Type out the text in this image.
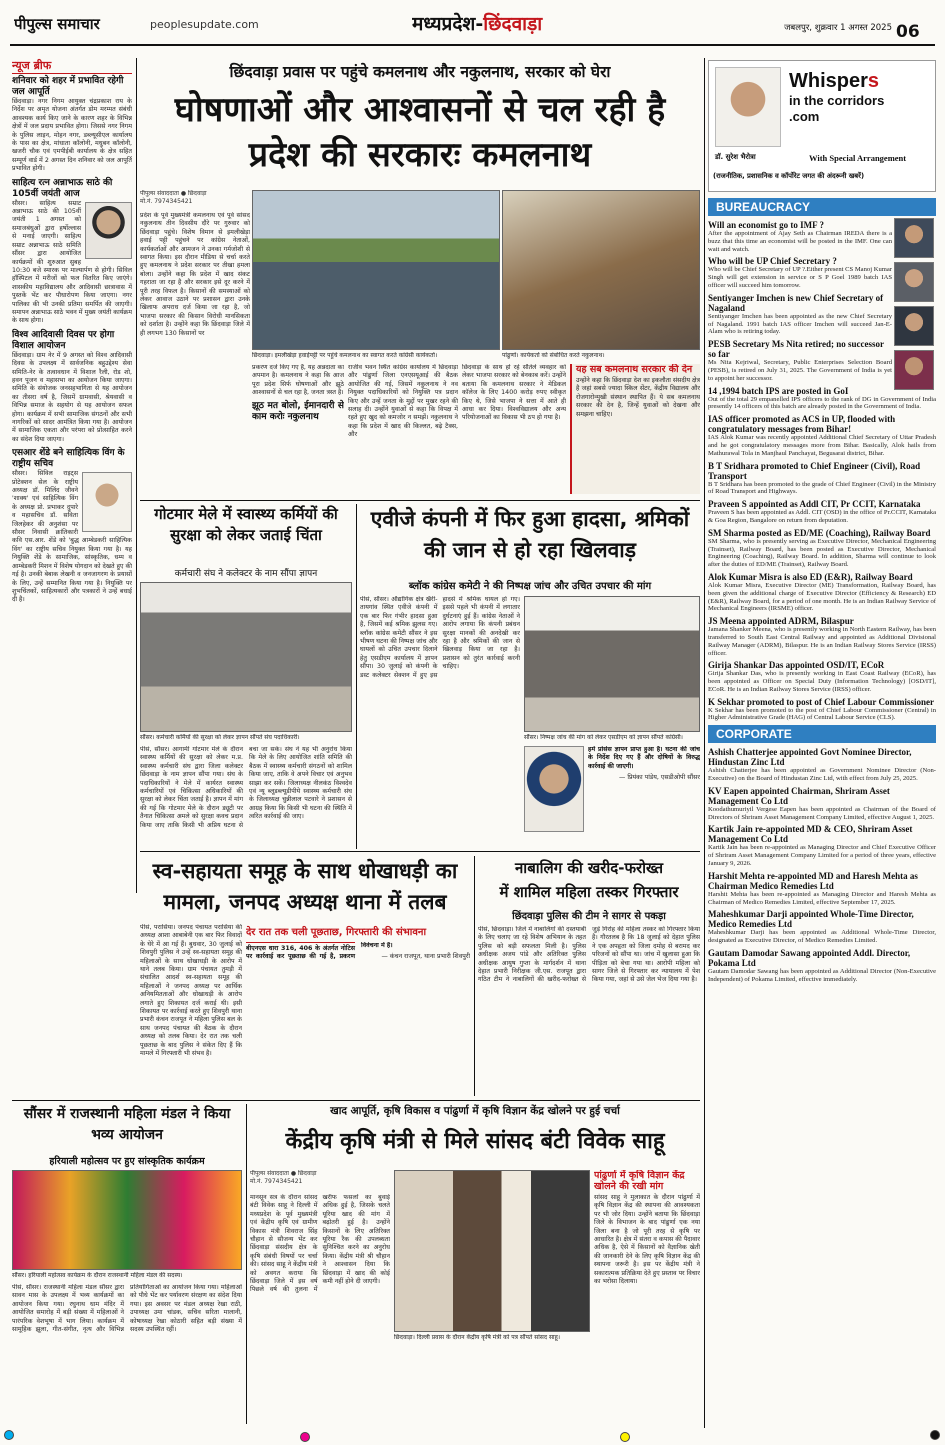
पीपुल्स समाचार	peoplesupdate.com	मध्यप्रदेश-छिंदवाड़ा	जबलपुर, शुक्रवार 1 अगस्त 2025 06
न्यूज ब्रीफ
शनिवार को शहर में प्रभावित रहेगी जल आपूर्ति
छिंदवाड़ा। नगर निगम आयुक्त चंद्रप्रकाश राय के निर्देश पर अमृत योजना अंतर्गत डोम मरम्मत संबंधी आवश्यक कार्य किए जाने के कारण शहर के विभिन्न क्षेत्रों में जल प्रदाय प्रभावित होगा। जिससे नगर निगम के पुलिस लाइन, मोहन नगर, डब्ल्यूसीएल कार्यालय के पास का क्षेत्र, मांधाता कॉलोनी, मधुबन कॉलोनी, खजरी चौक एवं एमपीईबी कार्यालय के क्षेत्र सहित सम्पूर्ण वार्ड में 2 अगस्त दिन शनिवार को जल आपूर्ति प्रभावित होगी।
साहित्य रत्न अन्नाभाऊ साठे की 105वीं जयंती आज
सौसर। साहित्य सम्राट अन्नाभाऊ साठे की 105वीं जयंती 1 अगस्त को समाजबंधुओं द्वारा हर्षोल्लास से मनाई जाएगी। साहित्य सम्राट अन्नाभाऊ साठे समिति सौंसर द्वारा आयोजित कार्यक्रमों की शुरुआत सुबह 10:30 बजे स्मारक पर माल्यार्पण से होगी। सिविल हॉस्पिटल में मरीजों को फल वितरित किए जाएंगे। शासकीय महाविद्यालय और आदिवासी छात्रावास में पुस्तकें भेंट कर पौधारोपण किया जाएगा। नगर पालिका की भी उनकी प्रतिमा समर्पित की जाएगी। समापन अन्नाभाऊ साठे भवन में मुख्य जयंती कार्यक्रम के साथ होगा।
विश्व आदिवासी दिवस पर होगा विशाल आयोजन
छिंदवाड़ा। ग्राम नेर में 9 अगस्त को विश्व आदिवासी दिवस के उपलक्ष्य में सार्वजनिक बहुउद्देश्य सेवा समिति-नेर के तत्वावधान में विशाल रैली, रोड शो, हवन पूजन व महासभा का आयोजन किया जाएगा। समिति के संयोजक जनसहभागिता से यह आयोजन का तीसरा वर्ष है, जिसमें ग्रामवासी, श्रेयवासी व विभिन्न समाज के सहयोग से यह आयोजन सफल होगा। कार्यक्रम में सभी सामाजिक संगठनों और सभी नागरिकों को सादर आमंत्रित किया गया है। आयोजन में सामाजिक एकता और परंपरा को प्रोत्साहित करने का संदेश दिया जाएगा।
एसआर शेंडे बने साहित्यिक विंग के राष्ट्रीय सचिव
सौसर। सिविल राइट्स प्रोटेक्शन सेल के राष्ट्रीय अध्यक्ष डॉ. मिलिंद जीवने 'शाक्य' एवं साहित्यिक विंग के अध्यक्ष प्रो. प्रभाकर दुपारे व महासचिव डॉ. सविता जिलहेकर की अनुशंसा पर सौसर निवासी क्रांतिकारी कवि एस.आर. शेंडे को 'बुद्ध आम्बेडकरी साहित्यिक विंग' का राष्ट्रीय सचिव नियुक्त किया गया है। यह नियुक्ति शेंडे के सामाजिक, सांस्कृतिक, धम्म व आम्बेडकरी मिशन में विशेष योगदान को देखते हुए की गई है। उनकी बेबाक लेखनी व जनजागरण के प्रयासों के लिए, उन्हें सम्मानित किया गया है। नियुक्ति पर शुभचिंतकों, साहित्यकारों और पत्रकारों ने उन्हें बधाई दी है।
छिंदवाड़ा प्रवास पर पहुंचे कमलनाथ और नकुलनाथ, सरकार को घेरा
घोषणाओं और आश्वासनों से चल रही है प्रदेश की सरकारः कमलनाथ
पीपुल्स संवाददाता ● छिंदवाड़ा
मो.नं. 7974345421

प्रदेश के पूर्व मुख्यमंत्री कमलनाथ एवं पूर्व सांसद नकुलनाथ तीन दिवसीय दौरे पर गुरुवार को छिंदवाड़ा पहुंचे। विशेष विमान से इमलीखेड़ा हवाई पट्टी पहुंचने पर कांग्रेस नेताओं, कार्यकर्ताओं और आमजन ने उनका गर्मजोशी से स्वागत किया। इस दौरान मीडिया से चर्चा करते हुए कमलनाथ ने प्रदेश सरकार पर तीखा हमला बोला। उन्होंने कहा कि प्रदेश में खाद संकट गहराता जा रहा है और सरकार इसे दूर करने में पूरी तरह विफल है। किसानों की समस्याओं को लेकर आवाज उठाने पर प्रशासन द्वारा उनके खिलाफ अपराध दर्ज किया जा रहा है, जो भाजपा सरकार की किसान विरोधी मानसिकता को दर्शाता है। उन्होंने कहा कि छिंदवाड़ा जिले में ही लगभग 130 किसानों पर

छिंदवाड़ा। इमलीखेड़ा हवाईपट्टी पर पहुंचे कमलनाथ का स्वागत करते कांग्रेसी कार्यकर्ता।	पांढुर्णा। कार्यकर्ता को संबोधित करते नकुलनाथ।

प्रकरण दर्ज किए गए हैं, यह अन्नदाता का अपमान है। कमलनाथ ने कहा कि आज पूरा प्रदेश सिर्फ घोषणाओं और झूठे आश्वासनों से चल रहा है, जनता त्रस्त है।

झूठ मत बोलो, ईमानदारी से काम करोः नकुलनाथ

राजीव भवन स्थित कांग्रेस कार्यालय में छिंदवाड़ा और पांढुर्णा जिला एनएसयूआई की बैठक आयोजित की गई, जिसमें नकुलनाथ ने नव नियुक्त पदाधिकारियों को नियुक्ति पत्र प्रदान किए और उन्हें जनता के मुद्दों पर मुखर रहने की सलाह दी। उन्होंने युवाओं से कहा कि विपक्ष में रहते हुए खुद को कमजोर न समझें। नकुलनाथ ने कहा कि प्रदेश में खाद की किल्लत, बढ़े टैक्स, और

छिंदवाड़ा के साथ हो रहे सौतेले व्यवहार को लेकर भाजपा सरकार को बेनकाब करें। उन्होंने बताया कि कमलनाथ सरकार ने मेडिकल कॉलेज के लिए 1400 करोड़ रुपए स्वीकृत किए थे, जिसे भाजपा ने सत्ता में आते ही आधा कर दिया। विश्वविद्यालय और अन्य परियोजनाओं का विकास भी ठप हो गया है।

यह सब कमलनाथ सरकार की देन
उन्होंने कहा कि छिंदवाड़ा देश का इकलौता संसदीय क्षेत्र है जहां सबसे ज्यादा स्किल सेंटर, केंद्रीय विद्यालय और रोजगारोन्मुखी संस्थान स्थापित हैं। ये सब कमलनाथ सरकार की देन है, जिन्हें युवाओं को देखना और समझना चाहिए।
गोटमार मेले में स्वास्थ्य कर्मियों की सुरक्षा को लेकर जताई चिंता
कर्मचारी संघ ने कलेक्टर के नाम सौंपा ज्ञापन
सौंसर। कर्मचारी कर्मियों की सुरक्षा को लेकर ज्ञापन सौंपते संघ पदाधिकारी।
पीसं, सौंसर। आगामी गोटमार मेले के दौरान स्वास्थ्य कर्मियों की सुरक्षा को लेकर म.प्र. स्वास्थ्य कर्मचारी संघ द्वारा जिला कलेक्टर छिंदवाड़ा के नाम ज्ञापन सौंपा गया। संघ के पदाधिकारियों ने मेले में कार्यरत स्वास्थ्य कर्मचारियों एवं चिकित्सा अधिकारियों की सुरक्षा को लेकर चिंता जताई है। ज्ञापन में मांग की गई कि गोटमार मेले के दौरान ड्यूटी पर तैनात चिकित्सा अमले को सुरक्षा कवच प्रदान किया जाए ताकि किसी भी अप्रिय घटना से बचा जा सके। संघ ने यह भी अनुरोध किया कि मेले के लिए आयोजित शांति समिति की बैठक में स्वास्थ्य कर्मचारी संगठनों को शामिल किया जाए, ताकि वे अपने विचार एवं अनुभव साझा कर सकें। जिलाध्यक्ष नीलकंठ विश्वदेव एवं न्यू ब्लूडब्ल्यूडीपीये स्वास्थ्य कर्मचारी संघ के जिलाध्यक्ष चुन्नीलाल पटवारे ने प्रशासन से आग्रह किया कि किसी भी घटना की स्थिति में त्वरित कार्रवाई की जाए।
एवीजे कंपनी में फिर हुआ हादसा, श्रमिकों की जान से हो रहा खिलवाड़
ब्लॉक कांग्रेस कमेटी ने की निष्पक्ष जांच और उचित उपचार की मांग
पीसं, सौंसर। औद्योगिक क्षेत्र खैरी-तायगांव स्थित एवीजे कंपनी में एक बार फिर गंभीर हादसा हुआ है, जिसमें कई श्रमिक झुलस गए। ब्लॉक कांग्रेस कमेटी सौंसर ने इस भीषण घटना की निष्पक्ष जांच और घायलों को उचित उपचार दिलाने हेतु एसडीएम कार्यालय में ज्ञापन सौंपा। 30 जुलाई को कंपनी के डस्ट कलेक्टर सेक्शन में हुए इस हादसे में श्रमिक घायल हो गए। इससे पहले भी कंपनी में लगातार दुर्घटनाएं हुई हैं। कांग्रेस नेताओं ने आरोप लगाया कि कंपनी प्रबंधन सुरक्षा मानकों की अनदेखी कर रहा है और श्रमिकों की जान से खिलवाड़ किया जा रहा है। प्रशासन को तुरंत कार्रवाई करनी चाहिए।
सौंसर। निष्पक्ष जांच की मांग को लेकर एसडीएम को ज्ञापन सौंपते कांग्रेसी।
हमें प्रोसेस ज्ञापन प्राप्त हुआ है। घटना की जांच के निर्देश दिए गए हैं और दोषियों के विरुद्ध कार्रवाई की जाएगी।
— प्रियंका पांडेय, एसडीओपी सौंसर
स्व-सहायता समूह के साथ धोखाधड़ी का मामला, जनपद अध्यक्ष थाना में तलब
देर रात तक चली पूछताछ, गिरफ्तारी की संभावना
पीसं, परासिया। जनपद पंचायत परासिया की अध्यक्ष आशा आबाबेनी एक बार फिर विवादों के घेरे में आ गई हैं। बुधवार, 30 जुलाई को शिवपुरी पुलिस ने उन्हें स्व-सहायता समूह की महिलाओं के साथ धोखाधड़ी के आरोप में थाने तलब किया। ग्राम पंचायत तुमड़ी में संचालित आदर्श स्व-सहायता समूह की महिलाओं ने जनपद अध्यक्ष पर आर्थिक अनियमितताओं और धोखाधड़ी के आरोप लगाते हुए शिकायत दर्ज कराई थी। इसी शिकायत पर कार्रवाई करते हुए शिवपुरी थाना प्रभारी कंचन राजपूत ने महिला पुलिस बल के साथ जनपद पंचायत की बैठक के दौरान अध्यक्ष को तलब किया। देर रात तक चली पूछताछ के बाद पुलिस ने संकेत दिए हैं कि मामले में गिरफ्तारी भी संभव है।

बीएनएस धारा 316, 406 के अंतर्गत नोटिस पर कार्रवाई कर पूछताछ की गई है, प्रकरण विवेचना में है।

— कंचन राजपूत, थाना प्रभारी शिवपुरी

नाबालिग की खरीद-फरोख्त
में शामिल महिला तस्कर गिरफ्तार
छिंदवाड़ा पुलिस की टीम ने सागर से पकड़ा
पीसं, छिंदवाड़ा। जिले में नाबालिगों की दस्तयाबी के लिए चलाए जा रहे विशेष अभियान के तहत पुलिस को बड़ी सफलता मिली है। पुलिस अधीक्षक अजय पांडे और अतिरिक्त पुलिस अधीक्षक आयुष गुप्ता के मार्गदर्शन में थाना देहात प्रभारी निरीक्षक जी.एस. राजपूत द्वारा गठित टीम ने नाबालिगों की खरीद-फरोख्त से जुड़े गिरोह की महिला तस्कर को गिरफ्तार किया है। गौरतलब है कि 18 जुलाई को देहात पुलिस ने एक अपहृता को जिला दमोह से बरामद कर परिजनों को सौंपा था। जांच में खुलासा हुआ कि पीड़िता को बेचा गया था। आरोपी महिला को सागर जिले से गिरफ्तार कर न्यायालय में पेश किया गया, जहां से उसे जेल भेज दिया गया है।
सौंसर में राजस्थानी महिला मंडल ने किया भव्य आयोजन
हरियाली महोत्सव पर हुए सांस्कृतिक कार्यक्रम
सौंसर। हरियाली महोत्सव कार्यक्रम के दौरान राजस्थानी महिला मंडल की सदस्य।
पीसं, सौंसर। राजस्थानी महिला मंडल सौंसर द्वारा सावन मास के उपलक्ष्य में भव्य कार्यक्रमों का आयोजन किया गया। रघुनाथ धाम मंदिर में आयोजित समारोह में बड़ी संख्या में महिलाओं ने पारंपरिक वेशभूषा में भाग लिया। कार्यक्रम में सामूहिक झूला, गीत-संगीत, नृत्य और विभिन्न प्रतियोगिताओं का आयोजन किया गया। महिलाओं को पौधे भेंट कर पर्यावरण संरक्षण का संदेश दिया गया। इस अवसर पर मंडल अध्यक्ष रेखा राठी, उपाध्यक्ष उमा चांडक, सचिव सरिता मालानी, कोषाध्यक्ष रेखा कोठारी सहित बड़ी संख्या में सदस्य उपस्थित रहीं।
खाद आपूर्ति, कृषि विकास व पांढुर्णा में कृषि विज्ञान केंद्र खोलने पर हुई चर्चा
केंद्रीय कृषि मंत्री से मिले सांसद बंटी विवेक साहू
पीपुल्स संवाददाता ● छिंदवाड़ा
मो.नं. 7974345421
मानसून सत्र के दौरान सांसद बंटी विवेक साहू ने दिल्ली में मध्यप्रदेश के पूर्व मुख्यमंत्री एवं केंद्रीय कृषि एवं ग्रामीण विकास मंत्री शिवराज सिंह चौहान से सौजन्य भेंट कर छिंदवाड़ा संसदीय क्षेत्र के कृषि संबंधी विषयों पर चर्चा की। सांसद साहू ने केंद्रीय मंत्री को अवगत कराया कि छिंदवाड़ा जिले में इस वर्ष पिछले वर्ष की तुलना में खरीफ फसलों का बुवाई अधिक हुई है, जिसके चलते यूरिया खाद की मांग में बढ़ोतरी हुई है। उन्होंने किसानों के लिए अतिरिक्त यूरिया रैक की उपलब्धता सुनिश्चित करने का अनुरोध किया। केंद्रीय मंत्री श्री चौहान ने आश्वासन दिया कि छिंदवाड़ा में खाद की कोई कमी नहीं होने दी जाएगी।
छिंदवाड़ा। दिल्ली प्रवास के दौरान केंद्रीय कृषि मंत्री को पत्र सौंपते सांसद साहू।
पांढुर्णा में कृषि विज्ञान केंद्र खोलने की रखी मांग
सांसद साहू ने मुलाकात के दौरान पांढुर्णा में कृषि विज्ञान केंद्र की स्थापना की आवश्यकता पर भी जोर दिया। उन्होंने बताया कि छिंदवाड़ा जिले के विभाजन के बाद पांढुर्णा एक नया जिला बना है जो पूरी तरह से कृषि पर आधारित है। क्षेत्र में संतरा व कपास की पैदावार अधिक है, ऐसे में किसानों को वैज्ञानिक खेती की जानकारी देने के लिए कृषि विज्ञान केंद्र की स्थापना जरूरी है। इस पर केंद्रीय मंत्री ने सकारात्मक प्रतिक्रिया देते हुए प्रस्ताव पर विचार का भरोसा दिलाया।
Whispers
in the corridors
.com
डॉ. सुरेश भैरोत्रा	With Special Arrangement
(राजनीतिक, प्रशासनिक व कॉर्पोरेट जगत की अंदरूनी खबरें)
BUREAUCRACY
Will an economist go to IMF ?
After the appointment of Ajay Seth as Chairman IREDA there is a buzz that this time an economist will be posted in the IMF. One can wait and watch.
Who will be UP Chief Secretary ?
Who will be Chief Secretary of UP ?.Either present CS Manoj Kumar Singh will get extension in service or S P Goel 1989 batch IAS officer will succeed him tomorrow.
Sentiyanger Imchen is new Chief Secretary of Nagaland
Sentiyanger Imchen has been appointed as the new Chief Secretary of Nagaland. 1991 batch IAS officer Imchen will succeed Jan-E-Alam who is retiring today.
PESB Secretary Ms Nita retired; no successor so far
Ms Nita Kejriwal, Secretary, Public Enterprises Selection Board (PESB), is retired on July 31, 2025. The Government of India is yet to appoint her successor.
14 ,1994 batch IPS are posted in GoI
Out of the total 29 empanelled IPS officers to the rank of DG in Government of India presently 14 officers of this batch are already posted in the Government of India.
IAS officer promoted as ACS in UP, flooded with congratulatory messages from Bihar!
IAS Alok Kumar was recently appointed Additional Chief Secretary of Uttar Pradesh and he got congratulatory messages more from Bihar. Basically, Alok hails from Mathurawal Tola in Manjhaul Panchayat, Begusarai district, Bihar.
B T Sridhara promoted to Chief Engineer (Civil), Road Transport
B T Sridhara has been promoted to the grade of Chief Engineer (Civil) in the Ministry of Road Transport and Highways.
Praveen S appointed as Addl CIT, Pr CCIT, Karnataka
Praveen S has been appointed as Addl. CIT (OSD) in the office of Pr.CCIT, Karnataka & Goa Region, Bangalore on return from deputation.
SM Sharma posted as ED/ME (Coaching), Railway Board
SM Sharma, who is presently serving as Executive Director, Mechanical Engineering (Trainset), Railway Board, has been posted as Executive Director, Mechanical Engineering (Coaching), Railway Board. In addition, Sharma will continue to look after the duties of ED/ME (Trainset), Railway Board.
Alok Kumar Misra is also ED (E&R), Railway Board
Alok Kumar Misra, Executive Director (ME) Transformation, Railway Board, has been given the additional charge of Executive Director (Efficiency & Research) ED (E&R), Railway Board, for a period of one month. He is an Indian Railway Service of Mechanical Engineers (IRSME) officer.
JS Meena appointed ADRM, Bilaspur
Jamana Shanker Meena, who is presently working in North Eastern Railway, has been transferred to South East Central Railway and appointed as Additional Divisional Railway Manager (ADRM), Bilaspur. He is an Indian Railway Stores Service (IRSS) officer.
Girija Shankar Das appointed OSD/IT, ECoR
Girija Shankar Das, who is presently working in East Coast Railway (ECoR), has been appointed as Officer on Special Duty (Information Technology) [OSD/IT], ECoR. He is an Indian Railway Stores Service (IRSS) officer.
K Sekhar promoted to post of Chief Labour Commissioner
K Sekhar has been promoted to the post of Chief Labour Commissioner (Central) in Higher Administrative Grade (HAG) of Central Labour Service (CLS).
CORPORATE
Ashish Chatterjee appointed Govt Nominee Director, Hindustan Zinc Ltd
Ashish Chatterjee has been appointed as Government Nominee Director (Non-Executive) on the Board of Hindustan Zinc Ltd, with effect from July 25, 2025.
KV Eapen appointed Chairman, Shriram Asset Management Co Ltd
Koodathumuriyil Vergese Eapen has been appointed as Chairman of the Board of Directors of Shriram Asset Management Company Limited, effective August 1, 2025.
Kartik Jain re-appointed MD & CEO, Shriram Asset Management Co Ltd
Kartik Jain has been re-appointed as Managing Director and Chief Executive Officer of Shriram Asset Management Company Limited for a period of three years, effective January 9, 2026.
Harshit Mehta re-appointed MD and Haresh Mehta as Chairman Medico Remedies Ltd
Harshit Mehta has been re-appointed as Managing Director and Haresh Mehta as Chairman of Medico Remedies Limited, effective September 17, 2025.
Maheshkumar Darji appointed Whole-Time Director, Medico Remedies Ltd
Maheshkumar Darji has been appointed as Additional Whole-Time Director, designated as Executive Director, of Medico Remedies Limited.
Gautam Damodar Sawang appointed Addl. Director, Pokama Ltd
Gautam Damodar Sawang has been appointed as Additional Director (Non-Executive Independent) of Pokama Limited, effective immediately.
